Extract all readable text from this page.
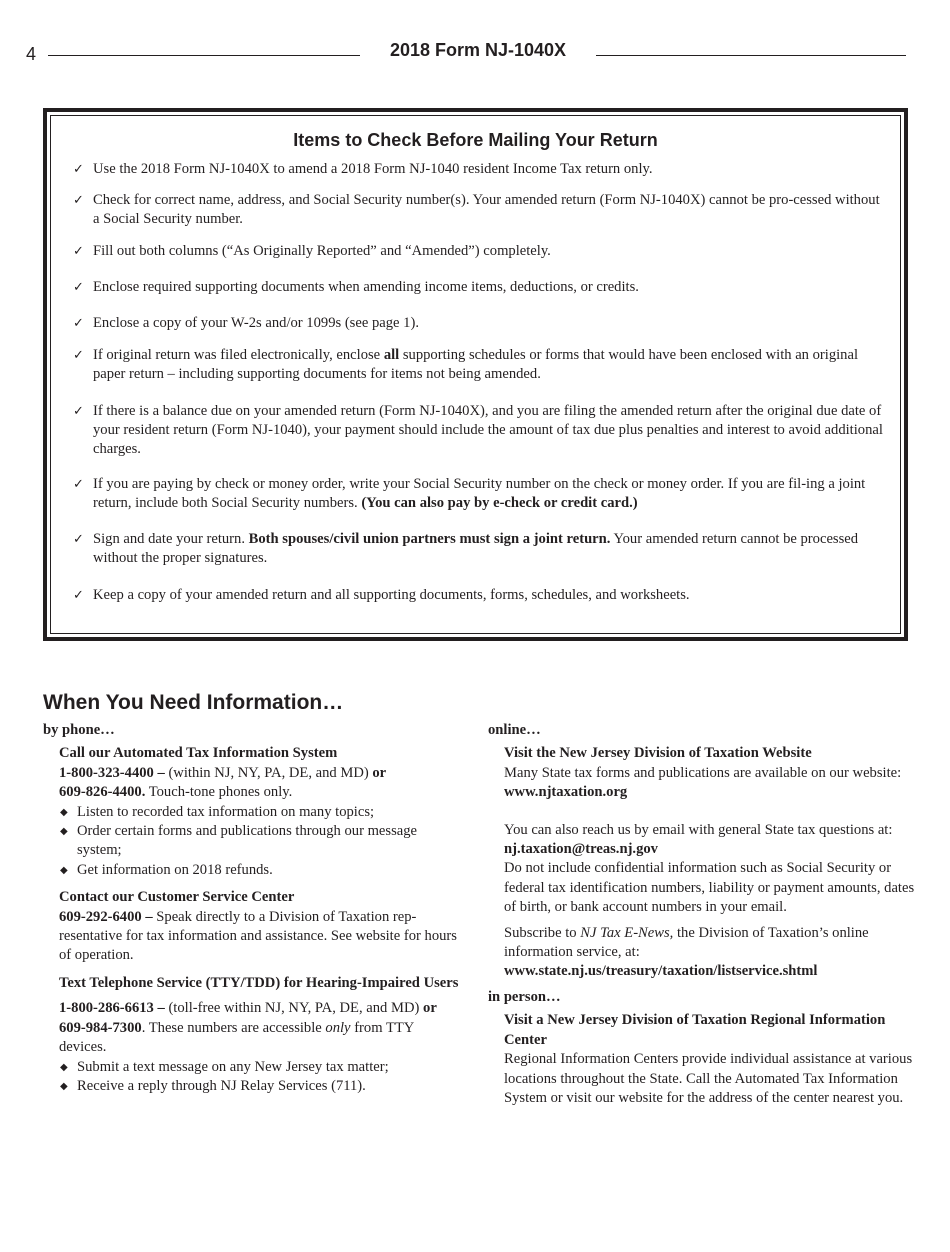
4	2018 Form NJ-1040X
Items to Check Before Mailing Your Return
✓ Use the 2018 Form NJ-1040X to amend a 2018 Form NJ-1040 resident Income Tax return only.
✓ Check for correct name, address, and Social Security number(s). Your amended return (Form NJ-1040X) cannot be pro-cessed without a Social Security number.
✓ Fill out both columns (“As Originally Reported” and “Amended”) completely.
✓ Enclose required supporting documents when amending income items, deductions, or credits.
✓ Enclose a copy of your W-2s and/or 1099s (see page 1).
✓ If original return was filed electronically, enclose all supporting schedules or forms that would have been enclosed with an original paper return – including supporting documents for items not being amended.
✓ If there is a balance due on your amended return (Form NJ-1040X), and you are filing the amended return after the original due date of your resident return (Form NJ-1040), your payment should include the amount of tax due plus penalties and interest to avoid additional charges.
✓ If you are paying by check or money order, write your Social Security number on the check or money order. If you are fil-ing a joint return, include both Social Security numbers. (You can also pay by e-check or credit card.)
✓ Sign and date your return. Both spouses/civil union partners must sign a joint return. Your amended return cannot be processed without the proper signatures.
✓ Keep a copy of your amended return and all supporting documents, forms, schedules, and worksheets.
When You Need Information…
by phone…
Call our Automated Tax Information System
1-800-323-4400 – (within NJ, NY, PA, DE, and MD) or
609-826-4400. Touch-tone phones only.
◆ Listen to recorded tax information on many topics;
◆ Order certain forms and publications through our message system;
◆ Get information on 2018 refunds.
Contact our Customer Service Center
609-292-6400 – Speak directly to a Division of Taxation rep-resentative for tax information and assistance. See website for hours of operation.
Text Telephone Service (TTY/TDD) for Hearing-Impaired Users
1-800-286-6613 – (toll-free within NJ, NY, PA, DE, and MD) or 609-984-7300. These numbers are accessible only from TTY devices.
◆ Submit a text message on any New Jersey tax matter;
◆ Receive a reply through NJ Relay Services (711).
online…
Visit the New Jersey Division of Taxation Website
Many State tax forms and publications are available on our website: www.njtaxation.org
You can also reach us by email with general State tax questions at: nj.taxation@treas.nj.gov
Do not include confidential information such as Social Security or federal tax identification numbers, liability or payment amounts, dates of birth, or bank account numbers in your email.
Subscribe to NJ Tax E-News, the Division of Taxation’s online information service, at:
www.state.nj.us/treasury/taxation/listservice.shtml
in person…
Visit a New Jersey Division of Taxation Regional Information Center
Regional Information Centers provide individual assistance at various locations throughout the State. Call the Automated Tax Information System or visit our website for the address of the center nearest you.
